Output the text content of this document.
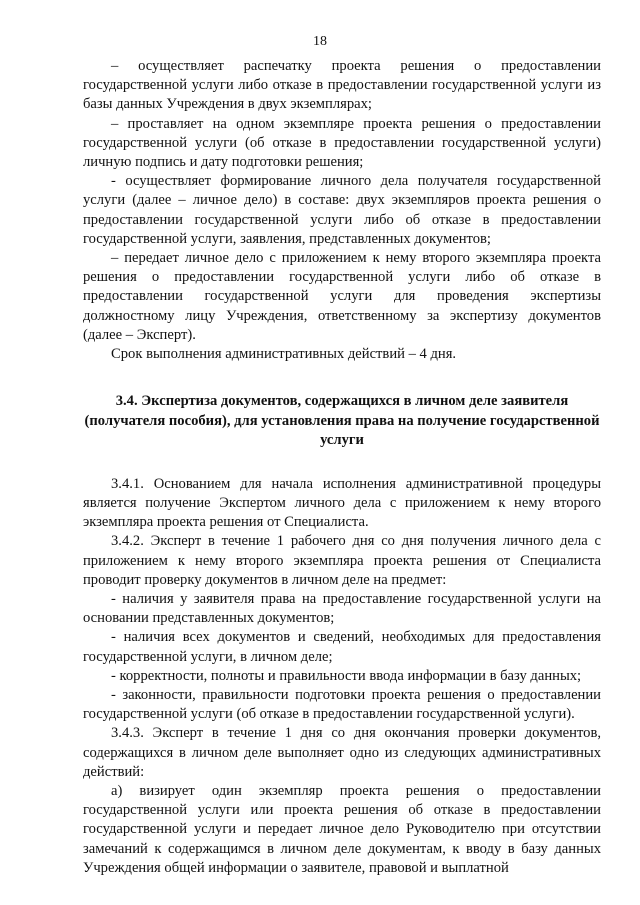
18

– осуществляет распечатку проекта решения о предоставлении государственной услуги либо отказе в предоставлении государственной услуги из базы данных Учреждения в двух экземплярах;

– проставляет на одном экземпляре проекта решения о предоставлении государственной услуги (об отказе в предоставлении государственной услуги) личную подпись и дату подготовки решения;

- осуществляет формирование личного дела получателя государственной услуги (далее – личное дело) в составе: двух экземпляров проекта решения о предоставлении государственной услуги либо об отказе в предоставлении государственной услуги, заявления, представленных документов;

– передает личное дело с приложением к нему второго экземпляра проекта решения о предоставлении государственной услуги либо об отказе в предоставлении государственной услуги для проведения экспертизы должностному лицу Учреждения, ответственному за экспертизу документов (далее – Эксперт).

Срок выполнения административных действий – 4 дня.

3.4. Экспертиза документов, содержащихся в личном деле заявителя (получателя пособия), для установления права на получение государственной услуги

3.4.1. Основанием для начала исполнения административной процедуры является получение Экспертом личного дела с приложением к нему второго экземпляра проекта решения от Специалиста.

3.4.2. Эксперт в течение 1 рабочего дня со дня получения личного дела с приложением к нему второго экземпляра проекта решения от Специалиста проводит проверку документов в личном деле на предмет:

- наличия у заявителя права на предоставление государственной услуги на основании представленных документов;

- наличия всех документов и сведений, необходимых для предоставления государственной услуги, в личном деле;

- корректности, полноты и правильности ввода информации в базу данных;

- законности, правильности подготовки проекта решения о предоставлении государственной услуги (об отказе в предоставлении государственной услуги).

3.4.3. Эксперт в течение 1 дня со дня окончания проверки документов, содержащихся в личном деле выполняет одно из следующих административных действий:

а) визирует один экземпляр проекта решения о предоставлении государственной услуги или проекта решения об отказе в предоставлении государственной услуги и передает личное дело Руководителю при отсутствии замечаний к содержащимся в личном деле документам, к вводу в базу данных Учреждения общей информации о заявителе, правовой и выплатной
